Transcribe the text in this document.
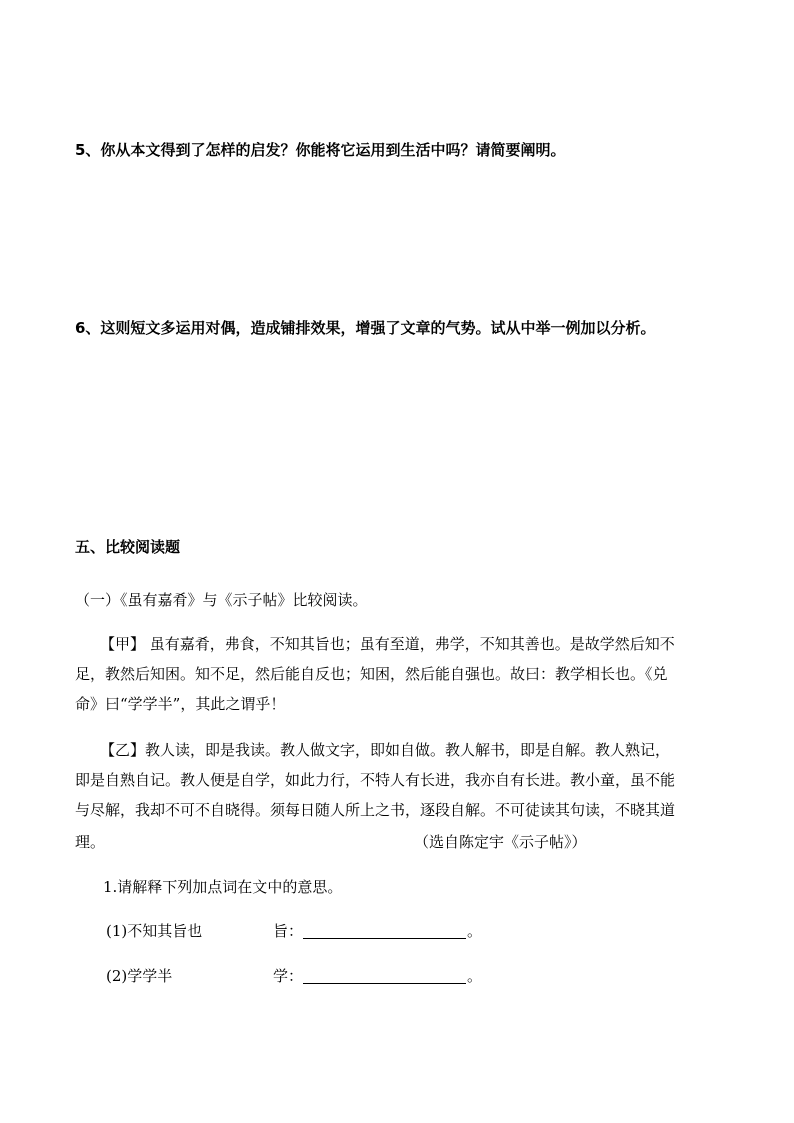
5、你从本文得到了怎样的启发？你能将它运用到生活中吗？请简要阐明。
6、这则短文多运用对偶，造成铺排效果，增强了文章的气势。试从中举一例加以分析。
五、比较阅读题
（一）《虽有嘉肴》与《示子帖》比较阅读。
【甲】 虽有嘉肴，弗食，不知其旨也；虽有至道，弗学，不知其善也。是故学然后知不
足，教然后知困。知不足，然后能自反也；知困，然后能自强也。故曰：教学相长也。《兑
命》曰“学学半”，其此之谓乎！
【乙】教人读，即是我读。教人做文字，即如自做。教人解书，即是自解。教人熟记，
即是自熟自记。教人便是自学，如此力行，不特人有长进，我亦自有长进。教小童，虽不能
与尽解，我却不可不自晓得。须每日随人所上之书，逐段自解。不可徒读其句读，不晓其道
理。	（选自陈定宇《示子帖》）
1.请解释下列加点词在文中的意思。
(1)不知其旨也	旨：	。
(2)学学半	学：	。
